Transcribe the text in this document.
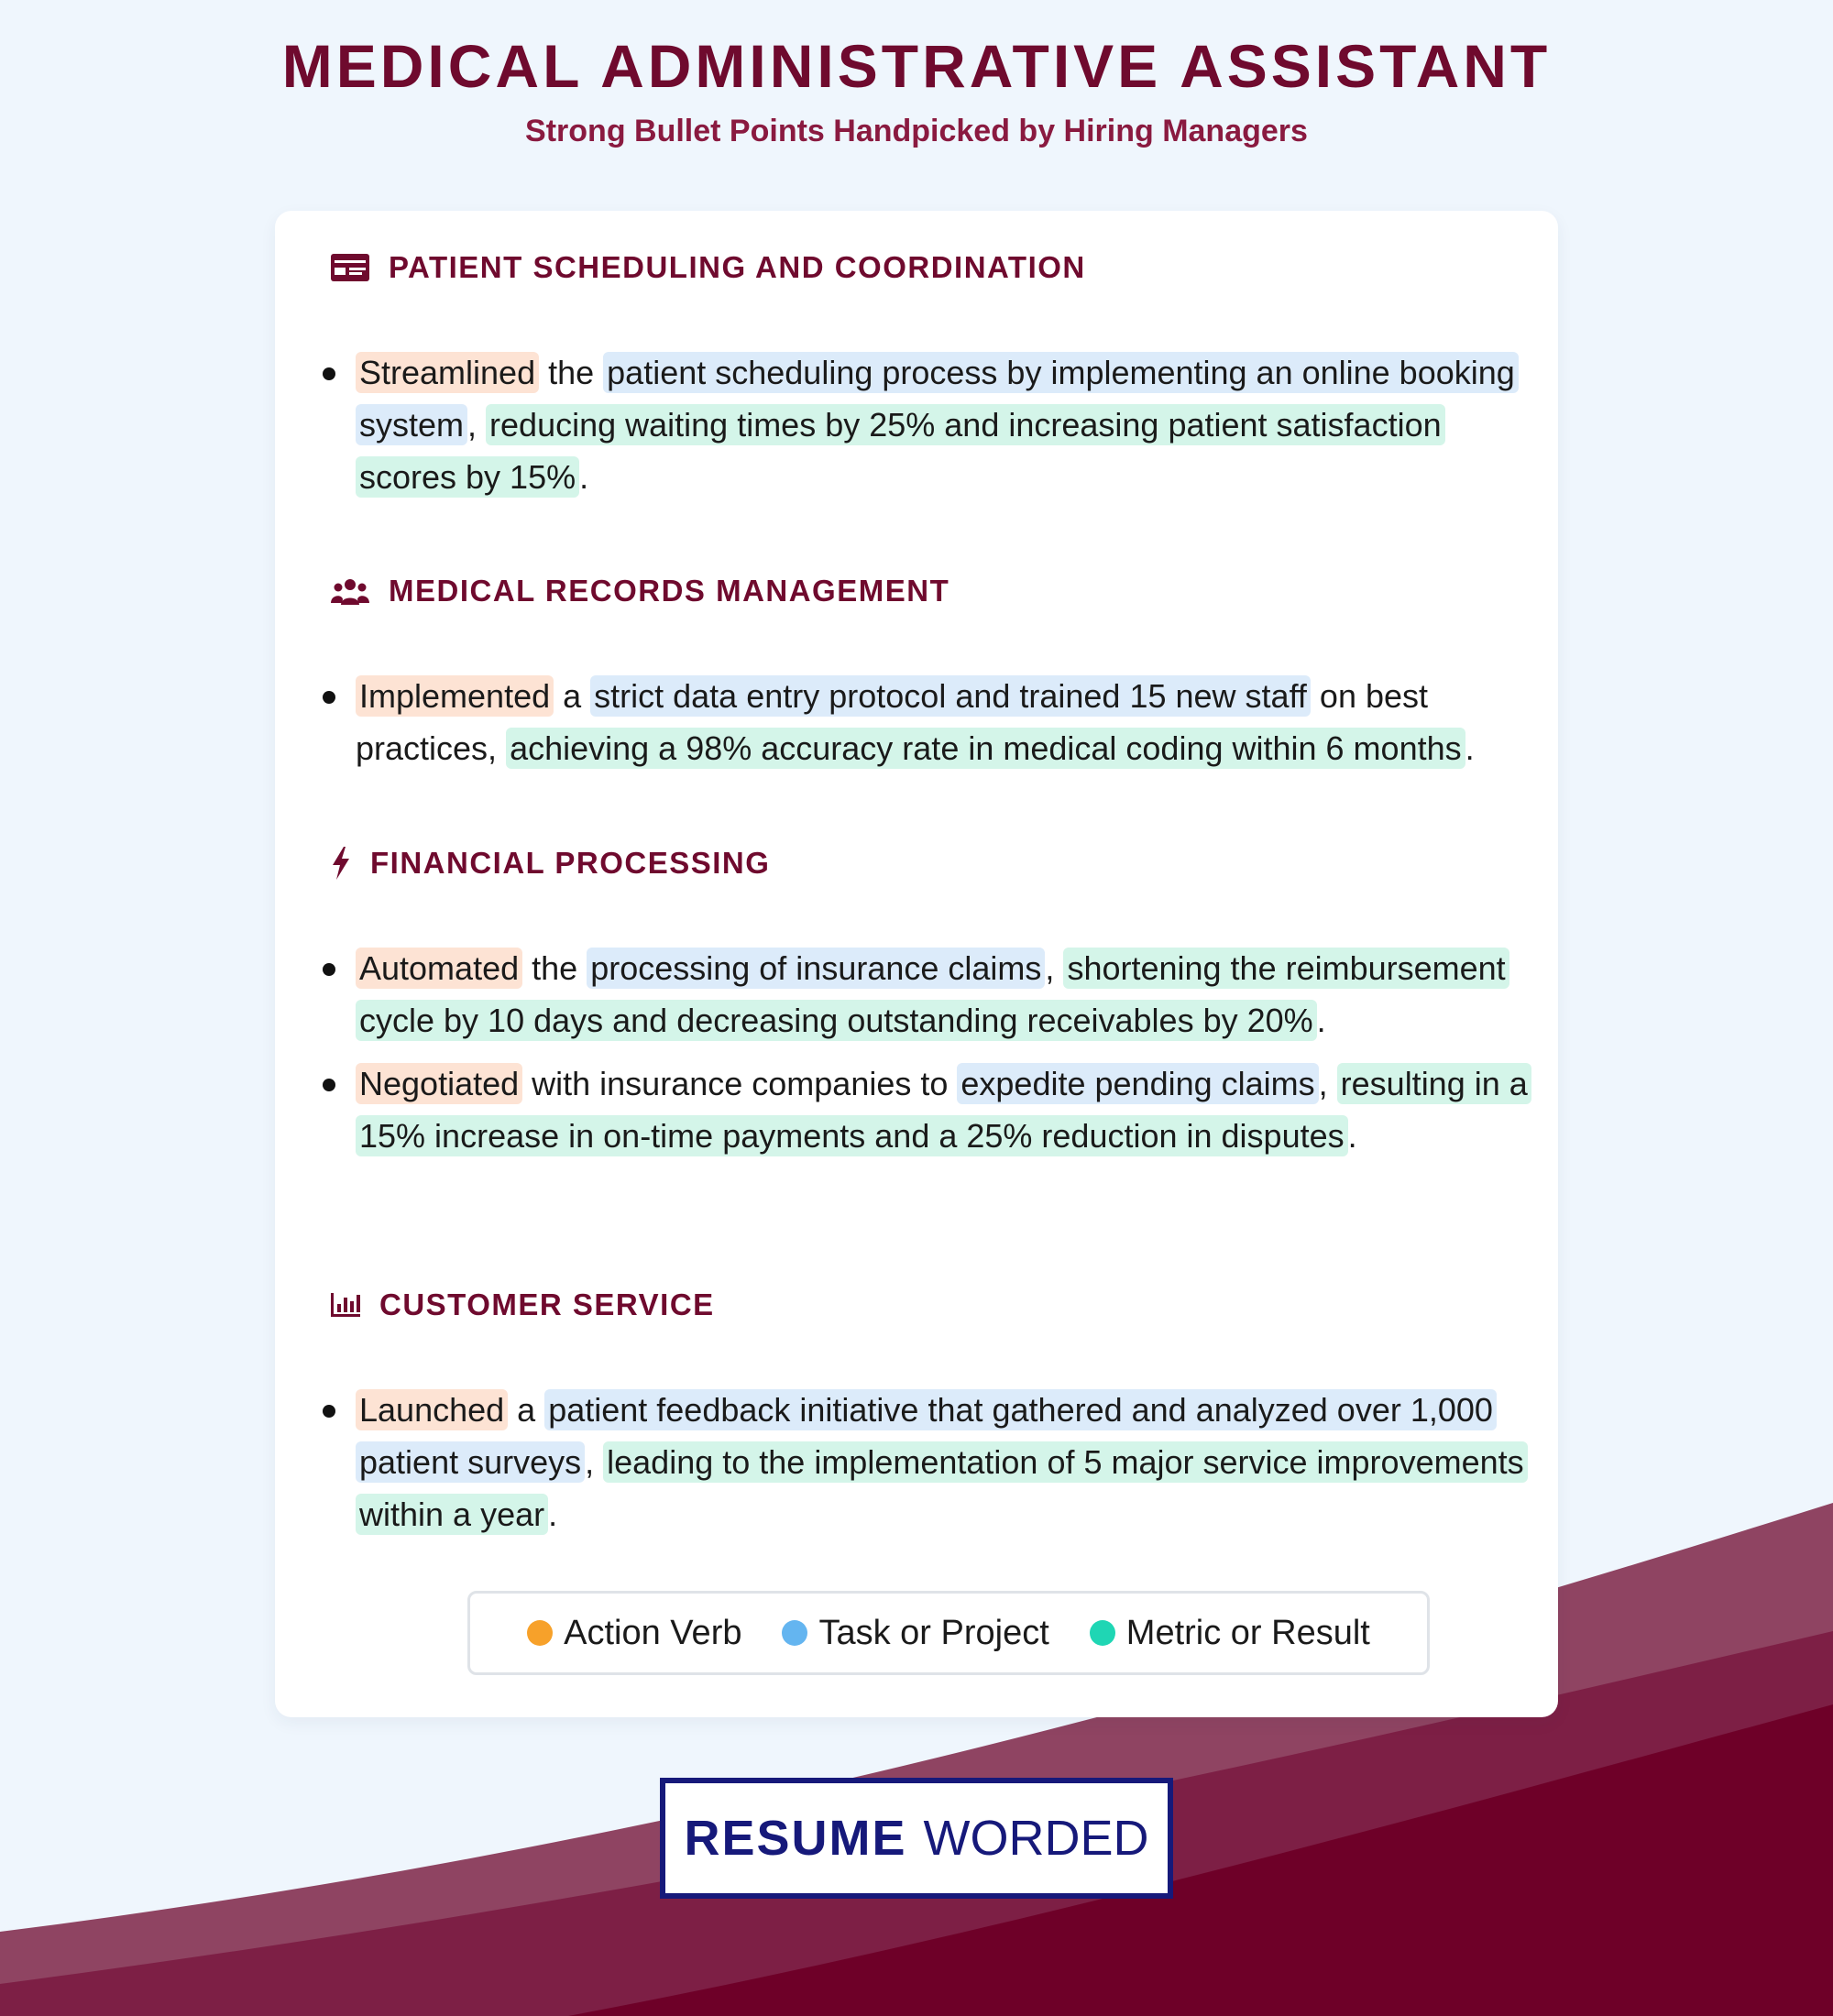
MEDICAL ADMINISTRATIVE ASSISTANT
Strong Bullet Points Handpicked by Hiring Managers
PATIENT SCHEDULING AND COORDINATION
Streamlined the patient scheduling process by implementing an online booking system , reducing waiting times by 25% and increasing patient satisfaction scores by 15% .
MEDICAL RECORDS MANAGEMENT
Implemented a strict data entry protocol and trained 15 new staff on best practices, achieving a 98% accuracy rate in medical coding within 6 months .
FINANCIAL PROCESSING
Automated the processing of insurance claims , shortening the reimbursement cycle by 10 days and decreasing outstanding receivables by 20% .
Negotiated with insurance companies to expedite pending claims , resulting in a 15% increase in on-time payments and a 25% reduction in disputes .
CUSTOMER SERVICE
Launched a patient feedback initiative that gathered and analyzed over 1,000 patient surveys , leading to the implementation of 5 major service improvements within a year .
Action Verb Task or Project Metric or Result
RESUME WORDED
